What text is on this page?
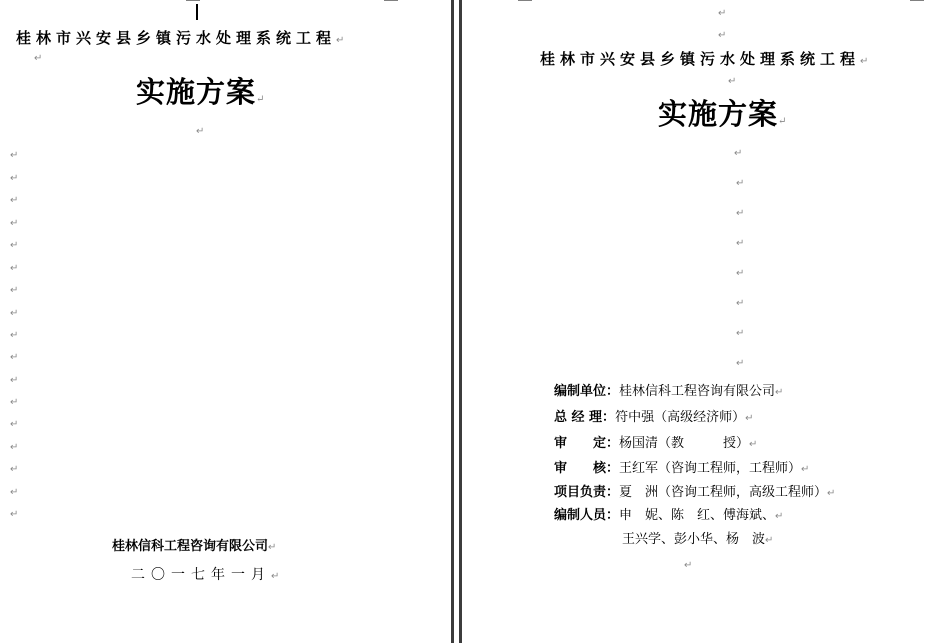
桂林市兴安县乡镇污水处理系统工程 ↵
↵
实施方案 ↵
↵
↵
↵
↵
↵
↵
↵
↵
↵
↵
↵
↵
↵
↵
↵
↵
↵
↵
桂林信科工程咨询有限公司 ↵
二〇一七年一月 ↵
↵
↵
桂林市兴安县乡镇污水处理系统工程 ↵
↵
实施方案 ↵
↵
↵
↵
↵
↵
↵
↵
↵
编制单位：桂林信科工程咨询有限公司 ↵
总 经 理：符中强（高级经济师） ↵
审　　定：杨国清（教　　　授） ↵
审　　核：王红军（咨询工程师，工程师） ↵
项目负责：夏　洲（咨询工程师，高级工程师） ↵
编制人员：申　妮、陈　红、傅海斌、 ↵
王兴学、彭小华、杨　波 ↵
↵
